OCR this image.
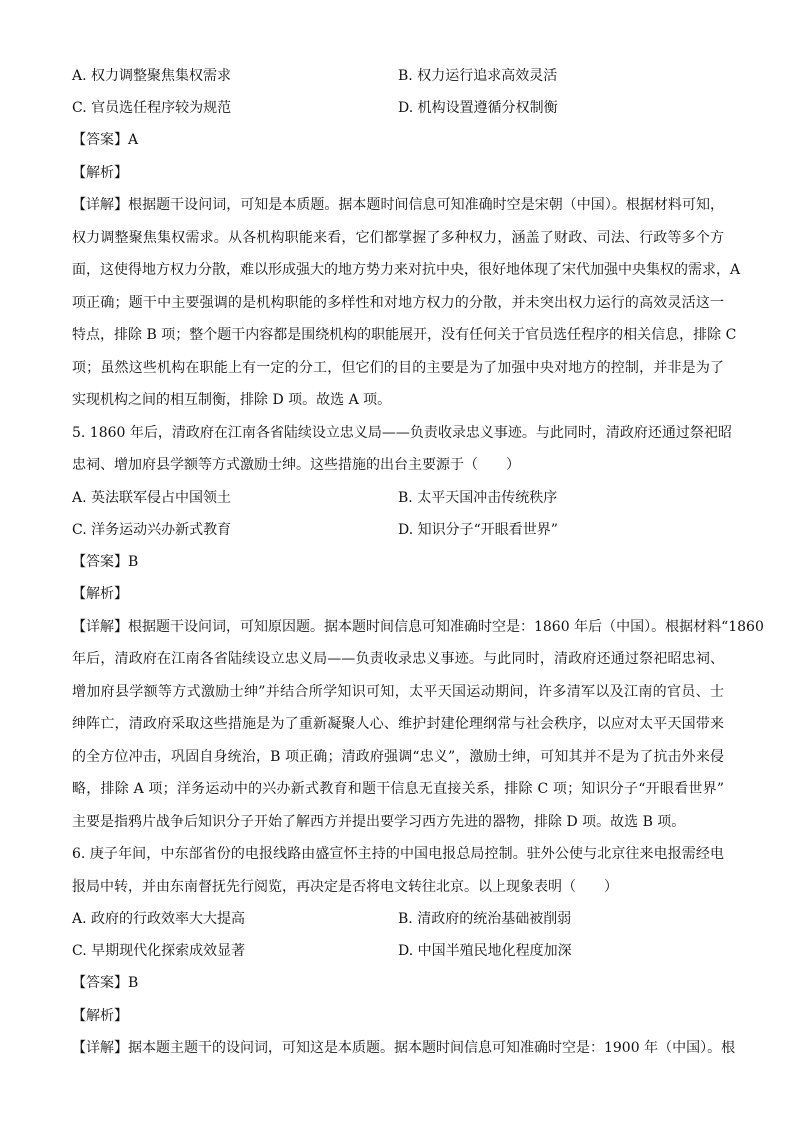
A. 权力调整聚焦集权需求	B. 权力运行追求高效灵活
C. 官员选任程序较为规范	D. 机构设置遵循分权制衡
【答案】A
【解析】
【详解】根据题干设问词，可知是本质题。据本题时间信息可知准确时空是宋朝（中国）。根据材料可知，
权力调整聚焦集权需求。从各机构职能来看，它们都掌握了多种权力，涵盖了财政、司法、行政等多个方
面，这使得地方权力分散，难以形成强大的地方势力来对抗中央，很好地体现了宋代加强中央集权的需求，A
项正确；题干中主要强调的是机构职能的多样性和对地方权力的分散，并未突出权力运行的高效灵活这一
特点，排除 B 项；整个题干内容都是围绕机构的职能展开，没有任何关于官员选任程序的相关信息，排除 C
项；虽然这些机构在职能上有一定的分工，但它们的目的主要是为了加强中央对地方的控制，并非是为了
实现机构之间的相互制衡，排除 D 项。故选 A 项。
5. 1860 年后，清政府在江南各省陆续设立忠义局——负责收录忠义事迹。与此同时，清政府还通过祭祀昭
忠祠、增加府县学额等方式激励士绅。这些措施的出台主要源于（　　）
A. 英法联军侵占中国领土	B. 太平天国冲击传统秩序
C. 洋务运动兴办新式教育	D. 知识分子“开眼看世界”
【答案】B
【解析】
【详解】根据题干设问词，可知原因题。据本题时间信息可知准确时空是：1860 年后（中国）。根据材料“1860
年后，清政府在江南各省陆续设立忠义局——负责收录忠义事迹。与此同时，清政府还通过祭祀昭忠祠、
增加府县学额等方式激励士绅”并结合所学知识可知，太平天国运动期间，许多清军以及江南的官员、士
绅阵亡，清政府采取这些措施是为了重新凝聚人心、维护封建伦理纲常与社会秩序，以应对太平天国带来
的全方位冲击，巩固自身统治，B 项正确；清政府强调“忠义”，激励士绅，可知其并不是为了抗击外来侵
略，排除 A 项；洋务运动中的兴办新式教育和题干信息无直接关系，排除 C 项；知识分子“开眼看世界”
主要是指鸦片战争后知识分子开始了解西方并提出要学习西方先进的器物，排除 D 项。故选 B 项。
6. 庚子年间，中东部省份的电报线路由盛宣怀主持的中国电报总局控制。驻外公使与北京往来电报需经电
报局中转，并由东南督抚先行阅览，再决定是否将电文转往北京。以上现象表明（　　）
A. 政府的行政效率大大提高	B. 清政府的统治基础被削弱
C. 早期现代化探索成效显著	D. 中国半殖民地化程度加深
【答案】B
【解析】
【详解】据本题主题干的设问词，可知这是本质题。据本题时间信息可知准确时空是：1900 年（中国）。根
